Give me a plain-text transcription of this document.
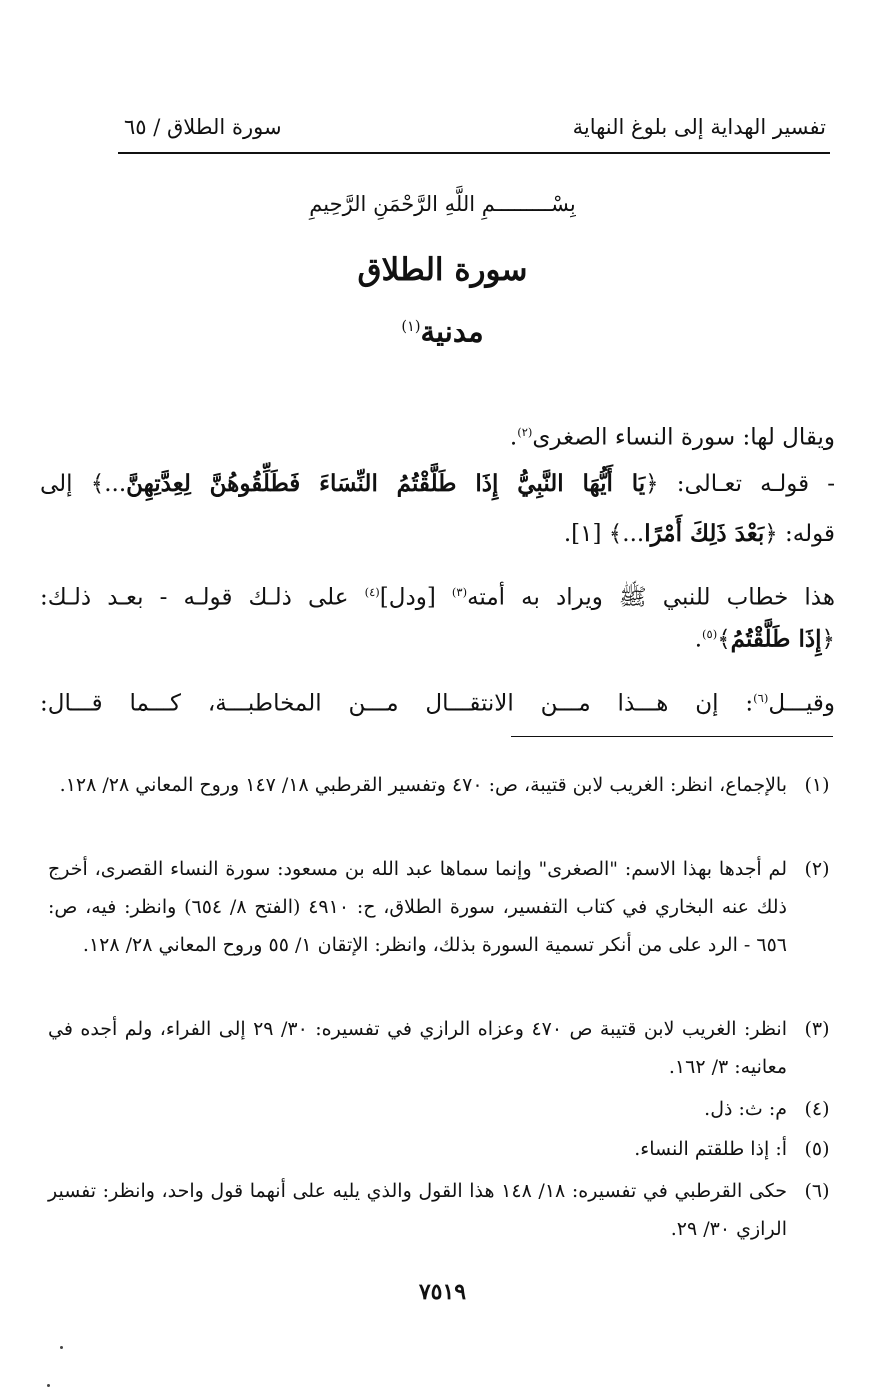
تفسير الهداية إلى بلوغ النهاية
سورة الطلاق / ٦٥
بِسْـــــــــمِ اللَّهِ الرَّحْمَنِ الرَّحِيمِ
سورة الطلاق
مدنية$^{(١)}$
ويقال لها: سورة النساء الصغرى$^{(٢)}$.
- قولـه تعـالى: ﴿يَا أَيُّهَا النَّبِيُّ إِذَا طَلَّقْتُمُ النِّسَاءَ فَطَلِّقُوهُنَّ لِعِدَّتِهِنَّ...﴾ إلى
قوله: ﴿بَعْدَ ذَلِكَ أَمْرًا...﴾ [١].
هذا خطاب للنبي ﷺ ويراد به أمته$^{(٣)}$ [ودل]$^{(٤)}$ على ذلـك قولـه - بعـد ذلـك:
﴿إِذَا طَلَّقْتُمُ﴾$^{(٥)}$.
وقيـــل$^{(٦)}$: إن هـــذا مـــن الانتقـــال مـــن المخاطبـــة، كـــما قـــال:
(١)
بالإجماع، انظر: الغريب لابن قتيبة، ص: ٤٧٠ وتفسير القرطبي ١٨/ ١٤٧ وروح المعاني ٢٨/ ١٢٨.
(٢)
لم أجدها بهذا الاسم: "الصغرى" وإنما سماها عبد الله بن مسعود: سورة النساء القصرى، أخرج ذلك عنه البخاري في كتاب التفسير، سورة الطلاق، ح: ٤٩١٠ (الفتح ٨/ ٦٥٤) وانظر: فيه، ص: ٦٥٦ - الرد على من أنكر تسمية السورة بذلك، وانظر: الإتقان ١/ ٥٥ وروح المعاني ٢٨/ ١٢٨.
(٣)
انظر: الغريب لابن قتيبة ص ٤٧٠ وعزاه الرازي في تفسيره: ٣٠/ ٢٩ إلى الفراء، ولم أجده في معانيه: ٣/ ١٦٢.
(٤)
م: ث: ذل.
(٥)
أ: إذا طلقتم النساء.
(٦)
حكى القرطبي في تفسيره: ١٨/ ١٤٨ هذا القول والذي يليه على أنهما قول واحد، وانظر: تفسير الرازي ٣٠/ ٢٩.
٧٥١٩
